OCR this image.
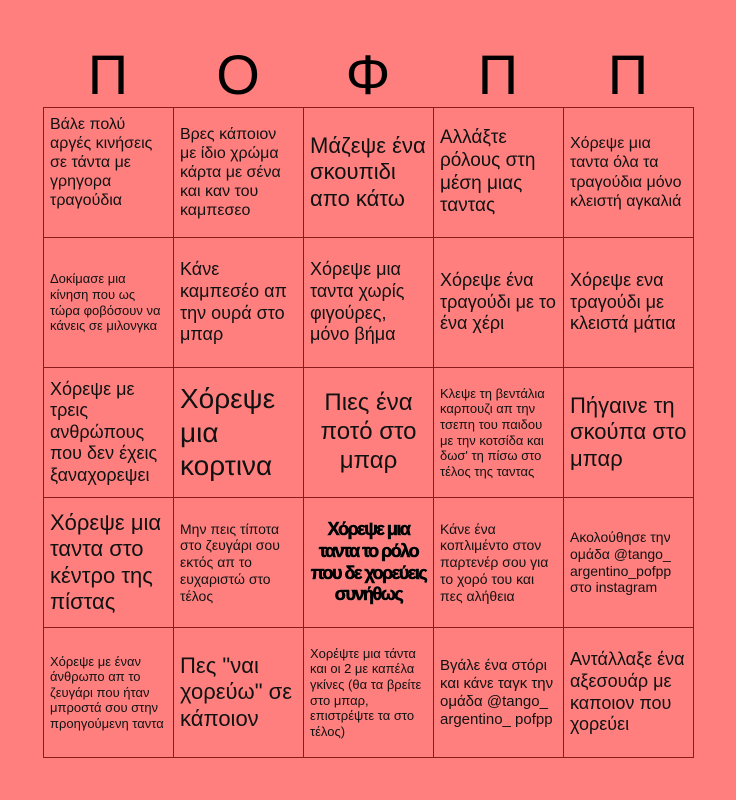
Π	Ο	Φ	Π	Π
Βάλε πολύ αργές κινήσεις σε τάντα με γρηγορα τραγούδια
Βρες κάποιον με ίδιο χρώμα κάρτα με σένα και καν του καμπεσεο
Μάζεψε ένα σκουπιδι απο κάτω
Αλλάξτε ρόλους στη μέση μιας ταντας
Χόρεψε μια ταντα όλα τα τραγούδια μόνο κλειστή αγκαλιά
Δοκίμασε μια κίνηση που ως τώρα φοβόσουν να κάνεις σε μιλονγκα
Κάνε καμπεσέο απ την ουρά στο μπαρ
Χόρεψε μια ταντα χωρίς φιγούρες, μόνο βήμα
Χόρεψε ένα τραγούδι με το ένα χέρι
Χόρεψε ενα τραγούδι με κλειστά μάτια
Χόρεψε με τρεις ανθρώπους που δεν έχεις ξαναχορεψει
Χόρεψε μια κορτινα
Πιες ένα ποτό στο μπαρ
Κλεψε τη βεντάλια καρπουζι απ την τσεπη του παιδου με την κοτσίδα και δωσ' τη πίσω στο τέλος της ταντας
Πήγαινε τη σκούπα στο μπαρ
Χόρεψε μια ταντα στο κέντρο της πίστας
Μην πεις τίποτα στο ζευγάρι σου εκτός απ το ευχαριστώ στο τέλος
Χόρεψε μια ταντα το ρόλο που δε χορεύεις συνήθως
Κάνε ένα κοπλιμέντο στον παρτενέρ σου για το χορό του και πες αλήθεια
Ακολούθησε την ομάδα @tango_ argentino_pofpp στο instagram
Χόρεψε με έναν άνθρωπο απ το ζευγάρι που ήταν μπροστά σου στην προηγούμενη ταντα
Πες "ναι χορεύω" σε κάποιον
Χορέψτε μια τάντα και οι 2 με καπέλα γκίνες (θα τα βρείτε στο μπαρ, επιστρέψτε τα στο τέλος)
Βγάλε ένα στόρι και κάνε ταγκ την ομάδα @tango_ argentino_ pofpp
Αντάλλαξε ένα αξεσουάρ με καποιον που χορεύει
